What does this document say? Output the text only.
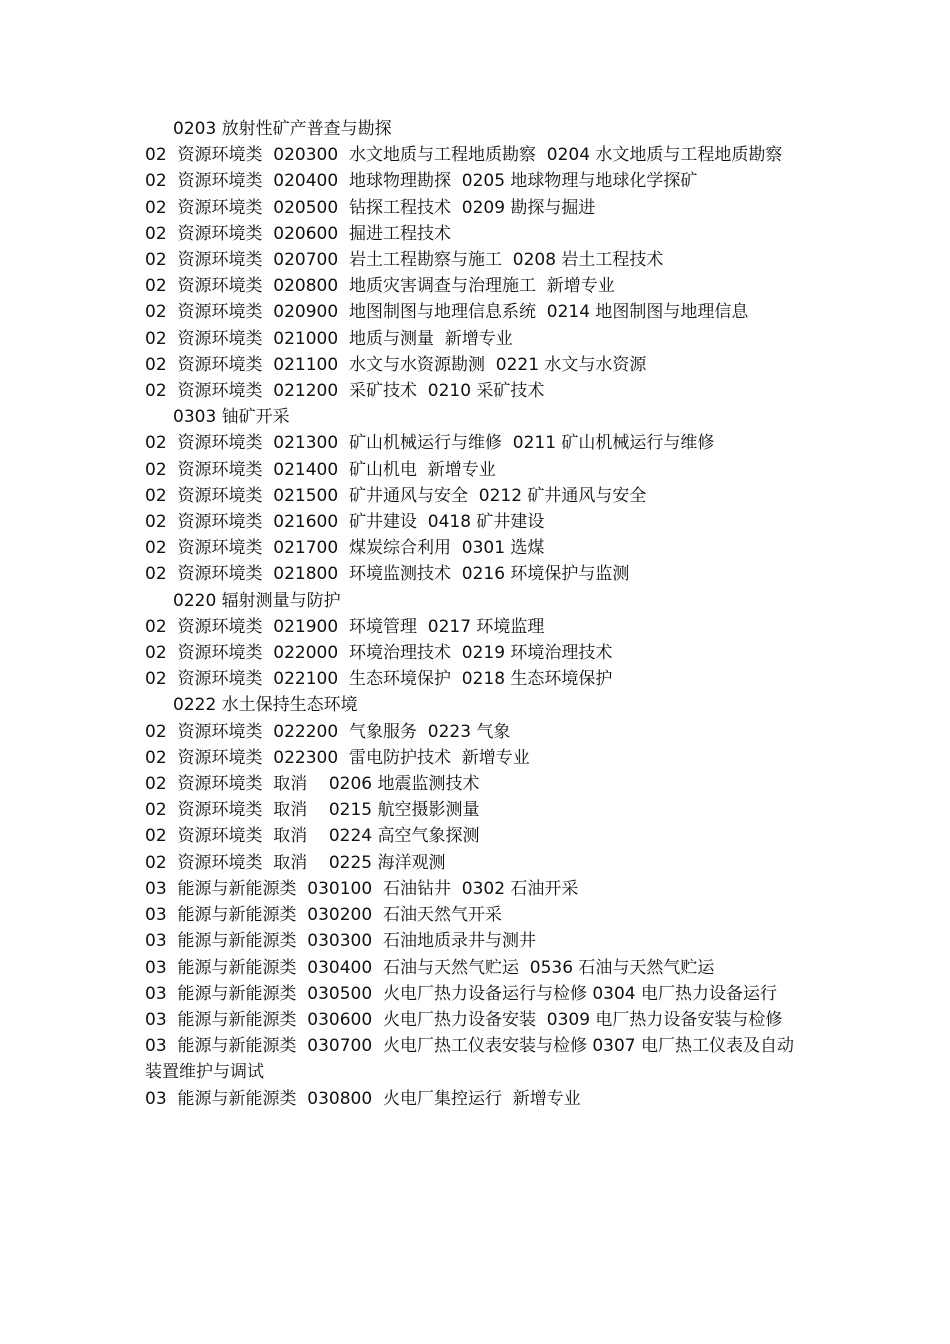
0203 放射性矿产普查与勘探

02  资源环境类  020300  水文地质与工程地质勘察  0204 水文地质与工程地质勘察

02  资源环境类  020400  地球物理勘探  0205 地球物理与地球化学探矿

02  资源环境类  020500  钻探工程技术  0209 勘探与掘进

02  资源环境类  020600  掘进工程技术

02  资源环境类  020700  岩土工程勘察与施工  0208 岩土工程技术

02  资源环境类  020800  地质灾害调查与治理施工  新增专业

02  资源环境类  020900  地图制图与地理信息系统  0214 地图制图与地理信息

02  资源环境类  021000  地质与测量  新增专业

02  资源环境类  021100  水文与水资源勘测  0221 水文与水资源

02  资源环境类  021200  采矿技术  0210 采矿技术

0303 铀矿开采

02  资源环境类  021300  矿山机械运行与维修  0211 矿山机械运行与维修

02  资源环境类  021400  矿山机电  新增专业

02  资源环境类  021500  矿井通风与安全  0212 矿井通风与安全

02  资源环境类  021600  矿井建设  0418 矿井建设

02  资源环境类  021700  煤炭综合利用  0301 选煤

02  资源环境类  021800  环境监测技术  0216 环境保护与监测

0220 辐射测量与防护

02  资源环境类  021900  环境管理  0217 环境监理

02  资源环境类  022000  环境治理技术  0219 环境治理技术

02  资源环境类  022100  生态环境保护  0218 生态环境保护

0222 水土保持生态环境

02  资源环境类  022200  气象服务  0223 气象

02  资源环境类  022300  雷电防护技术  新增专业

02  资源环境类  取消    0206 地震监测技术

02  资源环境类  取消    0215 航空摄影测量

02  资源环境类  取消    0224 高空气象探测

02  资源环境类  取消    0225 海洋观测

03  能源与新能源类  030100  石油钻井  0302 石油开采

03  能源与新能源类  030200  石油天然气开采

03  能源与新能源类  030300  石油地质录井与测井

03  能源与新能源类  030400  石油与天然气贮运  0536 石油与天然气贮运

03  能源与新能源类  030500  火电厂热力设备运行与检修 0304 电厂热力设备运行

03  能源与新能源类  030600  火电厂热力设备安装  0309 电厂热力设备安装与检修

03  能源与新能源类  030700  火电厂热工仪表安装与检修 0307 电厂热工仪表及自动装置维护与调试

03  能源与新能源类  030800  火电厂集控运行  新增专业
